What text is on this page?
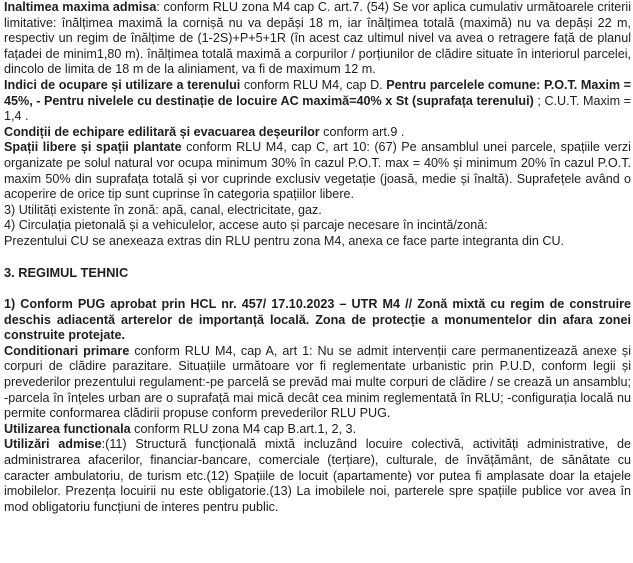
Inaltimea maxima admisa: conform RLU zona M4 cap C. art.7. (54) Se vor aplica cumulativ următoarele criterii limitative: înălțimea maximă la cornișă nu va depăși 18 m, iar înălțimea totală (maximă) nu va depăși 22 m, respectiv un regim de înălțime de (1-2S)+P+5+1R (în acest caz ultimul nivel va avea o retragere față de planul fațadei de minim1,80 m). înălțimea totală maximă a corpurilor / porțiunilor de clădire situate în interiorul parcelei, dincolo de limita de 18 m de la aliniament, va fi de maximum 12 m.

Indici de ocupare și utilizare a terenului conform RLU M4, cap D. Pentru parcelele comune: P.O.T. Maxim = 45%, - Pentru nivelele cu destinație de locuire AC maximă=40% x St (suprafața terenului) ; C.U.T. Maxim = 1,4 .

Condiții de echipare edilitară și evacuarea deșeurilor conform art.9 .

Spații libere și spații plantate conform RLU M4, cap C, art 10: (67) Pe ansamblul unei parcele, spațiile verzi organizate pe solul natural vor ocupa minimum 30% în cazul P.O.T. max = 40% și minimum 20% în cazul P.O.T. maxim 50% din suprafața totală și vor cuprinde exclusiv vegetație (joasă, medie și înaltă). Suprafețele având o acoperire de orice tip sunt cuprinse în categoria spațiilor libere.

3) Utilități existente în zonă: apă, canal, electricitate, gaz.

4) Circulația pietonală și a vehiculelor, accese auto și parcaje necesare în incintă/zonă:

Prezentului CU se anexeaza extras din RLU pentru zona M4, anexa ce face parte integranta din CU.

3. REGIMUL TEHNIC

1) Conform PUG aprobat prin HCL nr. 457/ 17.10.2023 – UTR M4 // Zonă mixtă cu regim de construire deschis adiacentă arterelor de importanță locală. Zona de protecție a monumentelor din afara zonei construite protejate.

Conditionari primare conform RLU M4, cap A, art 1: Nu se admit intervenții care permanentizează anexe și corpuri de clădire parazitare. Situațiile următoare vor fi reglementate urbanistic prin P.U.D, conform legii și prevederilor prezentului regulament:-pe parcelă se prevăd mai multe corpuri de clădire / se crează un ansamblu; -parcela în înțeles urban are o suprafață mai mică decât cea minim reglementată în RLU; -configurația locală nu permite conformarea clădirii propuse conform prevederilor RLU PUG.

Utilizarea functionala conform RLU zona M4 cap B.art.1, 2, 3.

Utilizări admise:(11) Structură funcțională mixtă incluzând locuire colectivă, activități administrative, de administrarea afacerilor, financiar-bancare, comerciale (terțiare), culturale, de învățământ, de sănătate cu caracter ambulatoriu, de turism etc.(12) Spațiile de locuit (apartamente) vor putea fi amplasate doar la etajele imobilelor. Prezența locuirii nu este obligatorie.(13) La imobilele noi, parterele spre spațiile publice vor avea în mod obligatoriu funcțiuni de interes pentru public.
